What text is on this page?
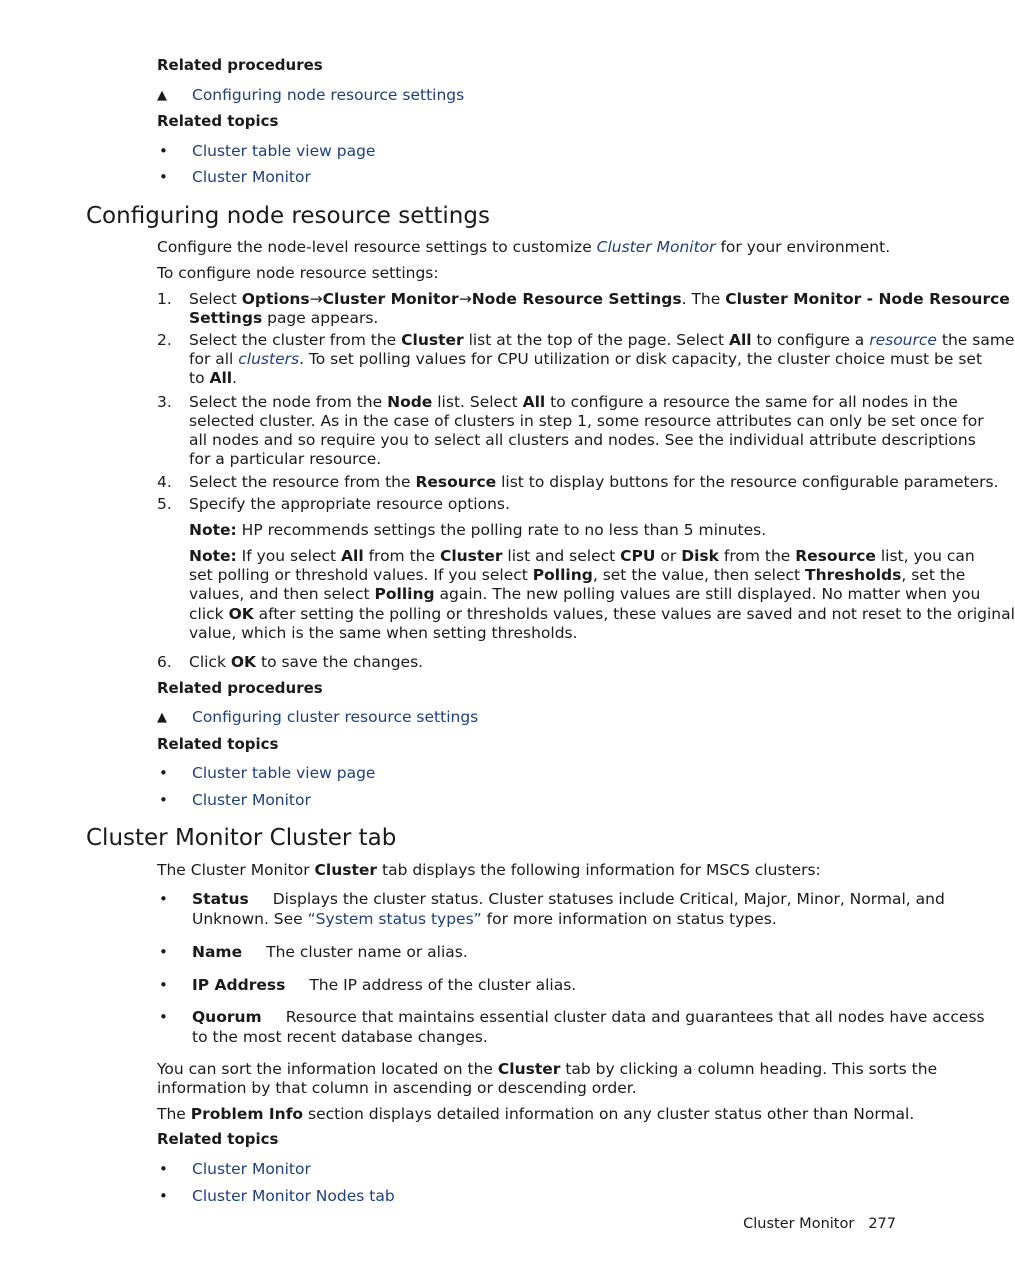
Related procedures
▲ Configuring node resource settings
Related topics
• Cluster table view page
• Cluster Monitor
Configuring node resource settings
Configure the node-level resource settings to customize Cluster Monitor for your environment.
To configure node resource settings:
1. Select Options→Cluster Monitor→Node Resource Settings. The Cluster Monitor - Node Resource
Settings page appears.
2. Select the cluster from the Cluster list at the top of the page. Select All to configure a resource the same
for all clusters. To set polling values for CPU utilization or disk capacity, the cluster choice must be set
to All.
3. Select the node from the Node list. Select All to configure a resource the same for all nodes in the
selected cluster. As in the case of clusters in step 1, some resource attributes can only be set once for
all nodes and so require you to select all clusters and nodes. See the individual attribute descriptions
for a particular resource.
4. Select the resource from the Resource list to display buttons for the resource configurable parameters.
5. Specify the appropriate resource options.
Note: HP recommends settings the polling rate to no less than 5 minutes.
Note: If you select All from the Cluster list and select CPU or Disk from the Resource list, you can
set polling or threshold values. If you select Polling, set the value, then select Thresholds, set the
values, and then select Polling again. The new polling values are still displayed. No matter when you
click OK after setting the polling or thresholds values, these values are saved and not reset to the original
value, which is the same when setting thresholds.
6. Click OK to save the changes.
Related procedures
▲ Configuring cluster resource settings
Related topics
• Cluster table view page
• Cluster Monitor
Cluster Monitor Cluster tab
The Cluster Monitor Cluster tab displays the following information for MSCS clusters:
• Status Displays the cluster status. Cluster statuses include Critical, Major, Minor, Normal, and
Unknown. See “System status types” for more information on status types.
• Name The cluster name or alias.
• IP Address The IP address of the cluster alias.
• Quorum Resource that maintains essential cluster data and guarantees that all nodes have access
to the most recent database changes.
You can sort the information located on the Cluster tab by clicking a column heading. This sorts the
information by that column in ascending or descending order.
The Problem Info section displays detailed information on any cluster status other than Normal.
Related topics
• Cluster Monitor
• Cluster Monitor Nodes tab
Cluster Monitor 277
